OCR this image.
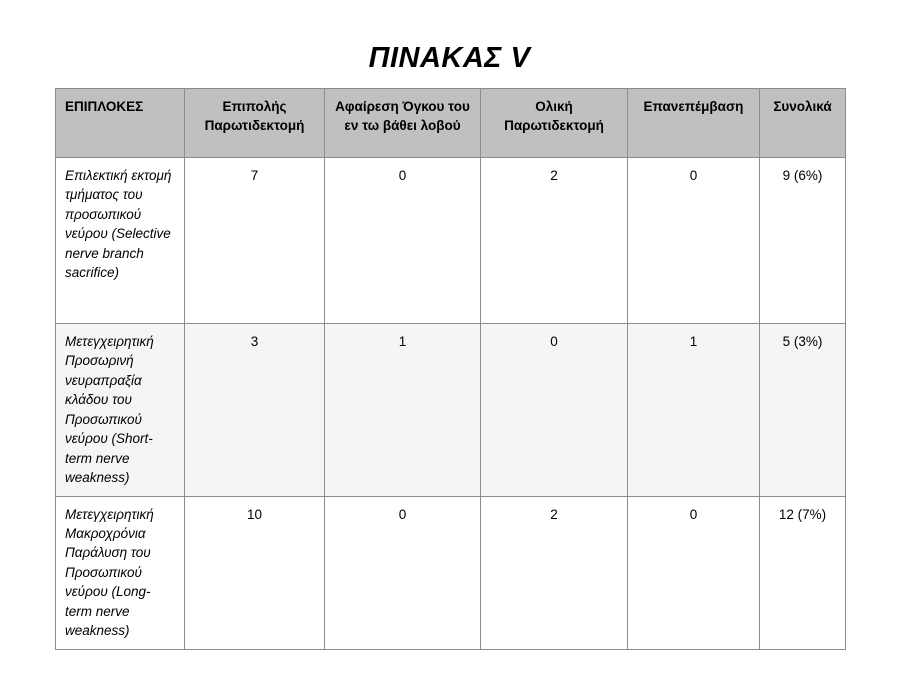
ΠΙΝΑΚΑΣ V
ΕΠΙΠΛΟΚΕΣ	Επιπολής Παρωτιδεκτομή	Αφαίρεση Όγκου του εν τω βάθει λοβού	Ολική Παρωτιδεκτομή	Επανεπέμβαση	Συνολικά
Επιλεκτική εκτομή τμήματος του προσωπικού νεύρου (Selective nerve branch sacrifice)	7	0	2	0	9 (6%)
Μετεγχειρητική Προσωρινή νευραπραξία κλάδου του Προσωπικού νεύρου (Short-term nerve weakness)	3	1	0	1	5 (3%)
Μετεγχειρητική Μακροχρόνια Παράλυση του Προσωπικού νεύρου (Long-term nerve weakness)	10	0	2	0	12 (7%)
